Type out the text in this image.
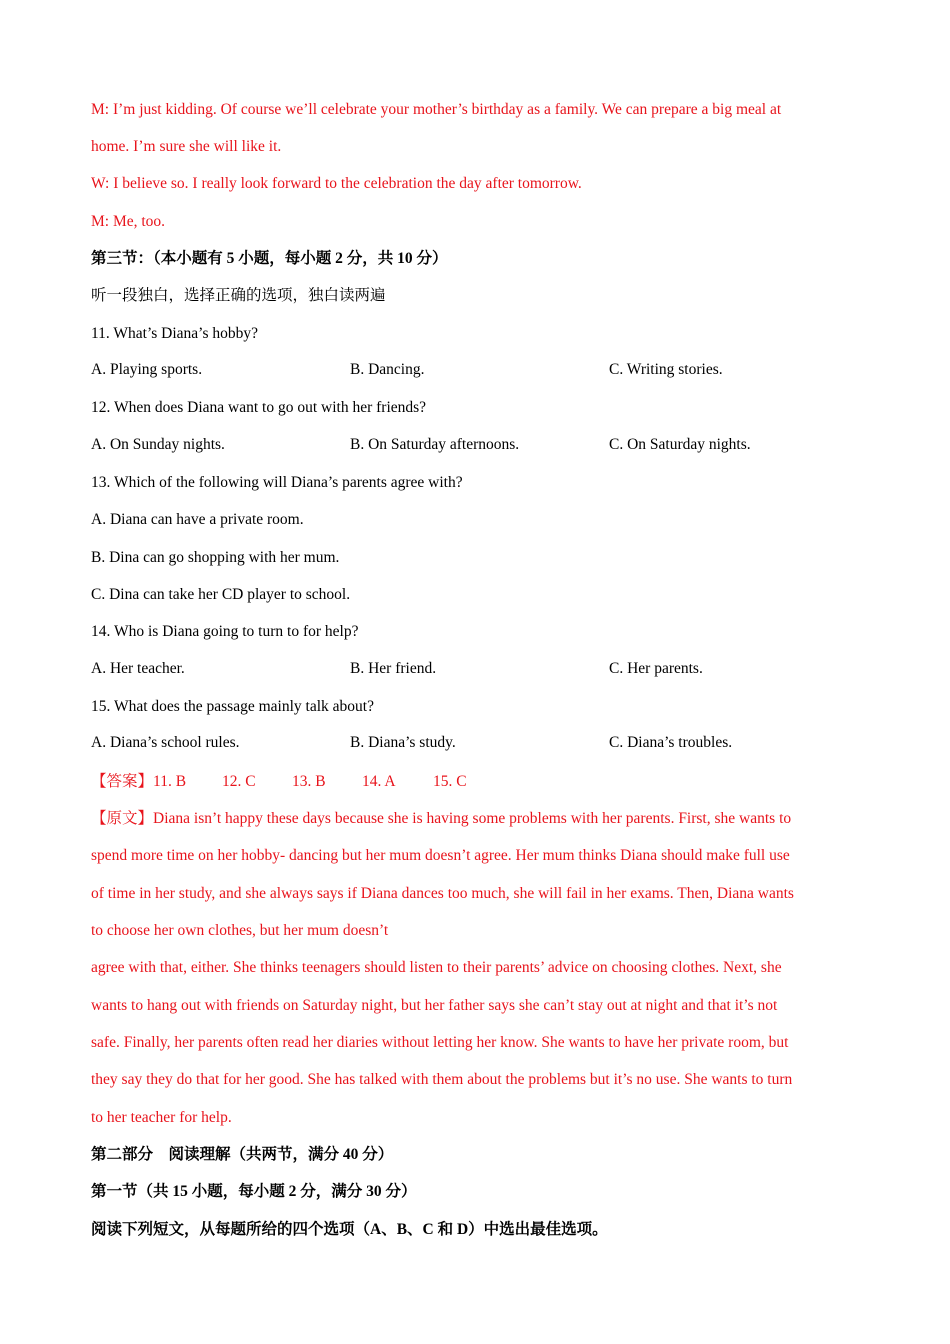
M: I’m just kidding. Of course we’ll celebrate your mother’s birthday as a family. We can prepare a big meal at
home. I’m sure she will like it.
W: I believe so. I really look forward to the celebration the day after tomorrow.
M: Me, too.
第三节：（本小题有 5 小题，每小题 2 分，共 10 分）
听一段独白，选择正确的选项，独白读两遍
11. What’s Diana’s hobby?
A. Playing sports.	B. Dancing.	C. Writing stories.
12. When does Diana want to go out with her friends?
A. On Sunday nights.	B. On Saturday afternoons.	C. On Saturday nights.
13. Which of the following will Diana’s parents agree with?
A. Diana can have a private room.
B. Dina can go shopping with her mum.
C. Dina can take her CD player to school.
14. Who is Diana going to turn to for help?
A. Her teacher.	B. Her friend.	C. Her parents.
15. What does the passage mainly talk about?
A. Diana’s school rules.	B. Diana’s study.	C. Diana’s troubles.
【答案】11. B 12. C 13. B 14. A 15. C
【原文】Diana isn’t happy these days because she is having some problems with her parents. First, she wants to
spend more time on her hobby- dancing but her mum doesn’t agree. Her mum thinks Diana should make full use
of time in her study, and she always says if Diana dances too much, she will fail in her exams. Then, Diana wants
to choose her own clothes, but her mum doesn’t
agree with that, either. She thinks teenagers should listen to their parents’ advice on choosing clothes. Next, she
wants to hang out with friends on Saturday night, but her father says she can’t stay out at night and that it’s not
safe. Finally, her parents often read her diaries without letting her know. She wants to have her private room, but
they say they do that for her good. She has talked with them about the problems but it’s no use. She wants to turn
to her teacher for help.
第二部分　阅读理解（共两节，满分 40 分）
第一节（共 15 小题，每小题 2 分，满分 30 分）
阅读下列短文，从每题所给的四个选项（A、B、C 和 D）中选出最佳选项。
